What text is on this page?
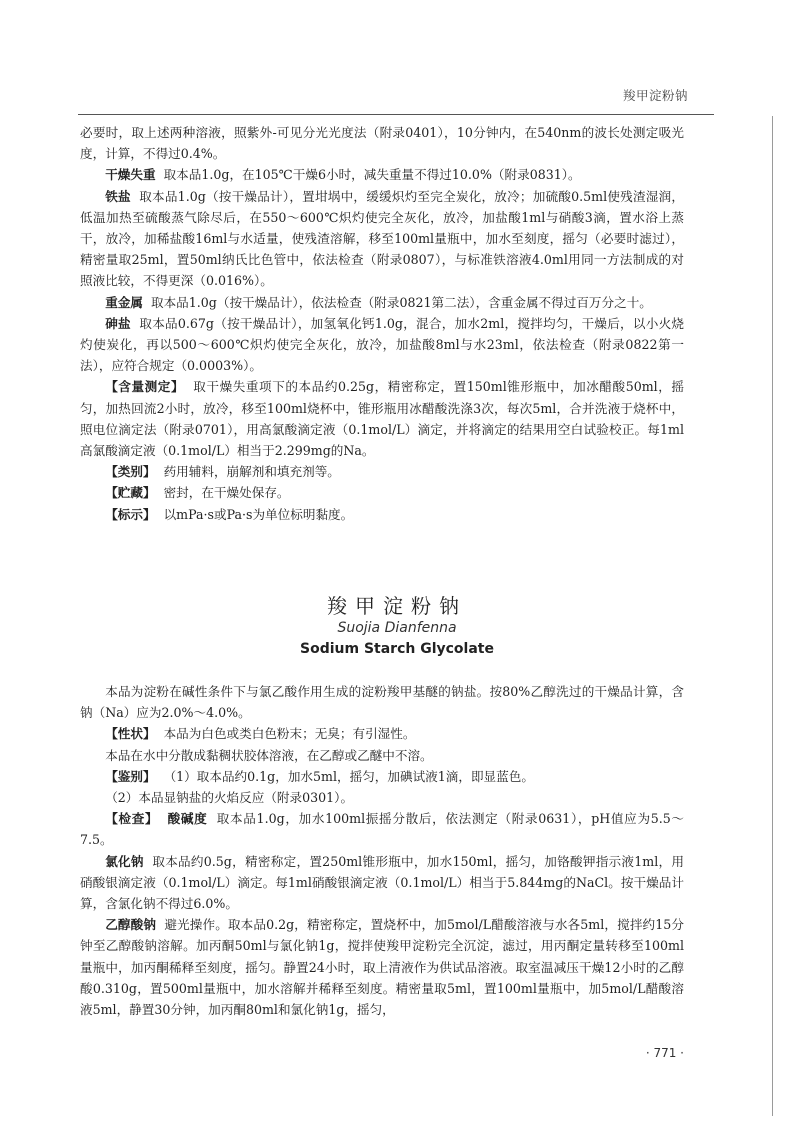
羧甲淀粉钠

必要时，取上述两种溶液，照紫外-可见分光光度法（附录0401），10分钟内，在540nm的波长处测定吸光度，计算，不得过0.4%。

干燥失重 取本品1.0g，在105℃干燥6小时，减失重量不得过10.0%（附录0831）。

铁盐 取本品1.0g（按干燥品计），置坩埚中，缓缓炽灼至完全炭化，放冷；加硫酸0.5ml使残渣湿润，低温加热至硫酸蒸气除尽后，在550～600℃炽灼使完全灰化，放冷，加盐酸1ml与硝酸3滴，置水浴上蒸干，放冷，加稀盐酸16ml与水适量，使残渣溶解，移至100ml量瓶中，加水至刻度，摇匀（必要时滤过），精密量取25ml，置50ml纳氏比色管中，依法检查（附录0807），与标准铁溶液4.0ml用同一方法制成的对照液比较，不得更深（0.016%）。

重金属 取本品1.0g（按干燥品计），依法检查（附录0821第二法），含重金属不得过百万分之十。

砷盐 取本品0.67g（按干燥品计），加氢氧化钙1.0g，混合，加水2ml，搅拌均匀，干燥后，以小火烧灼使炭化，再以500～600℃炽灼使完全灰化，放冷，加盐酸8ml与水23ml，依法检查（附录0822第一法），应符合规定（0.0003%）。

【含量测定】 取干燥失重项下的本品约0.25g，精密称定，置150ml锥形瓶中，加冰醋酸50ml，摇匀，加热回流2小时，放冷，移至100ml烧杯中，锥形瓶用冰醋酸洗涤3次，每次5ml，合并洗液于烧杯中，照电位滴定法（附录0701），用高氯酸滴定液（0.1mol/L）滴定，并将滴定的结果用空白试验校正。每1ml高氯酸滴定液（0.1mol/L）相当于2.299mg的Na。

【类别】 药用辅料，崩解剂和填充剂等。

【贮藏】 密封，在干燥处保存。

【标示】 以mPa·s或Pa·s为单位标明黏度。

羧甲淀粉钠
Suojia Dianfenna
Sodium Starch Glycolate

本品为淀粉在碱性条件下与氯乙酸作用生成的淀粉羧甲基醚的钠盐。按80%乙醇洗过的干燥品计算，含钠（Na）应为2.0%～4.0%。

【性状】 本品为白色或类白色粉末；无臭；有引湿性。

本品在水中分散成黏稠状胶体溶液，在乙醇或乙醚中不溶。

【鉴别】 （1）取本品约0.1g，加水5ml，摇匀，加碘试液1滴，即显蓝色。

（2）本品显钠盐的火焰反应（附录0301）。

【检查】 酸碱度 取本品1.0g，加水100ml振摇分散后，依法测定（附录0631），pH值应为5.5～7.5。

氯化钠 取本品约0.5g，精密称定，置250ml锥形瓶中，加水150ml，摇匀，加铬酸钾指示液1ml，用硝酸银滴定液（0.1mol/L）滴定。每1ml硝酸银滴定液（0.1mol/L）相当于5.844mg的NaCl。按干燥品计算，含氯化钠不得过6.0%。

乙醇酸钠 避光操作。取本品0.2g，精密称定，置烧杯中，加5mol/L醋酸溶液与水各5ml，搅拌约15分钟至乙醇酸钠溶解。加丙酮50ml与氯化钠1g，搅拌使羧甲淀粉完全沉淀，滤过，用丙酮定量转移至100ml量瓶中，加丙酮稀释至刻度，摇匀。静置24小时，取上清液作为供试品溶液。取室温减压干燥12小时的乙醇酸0.310g，置500ml量瓶中，加水溶解并稀释至刻度。精密量取5ml，置100ml量瓶中，加5mol/L醋酸溶液5ml，静置30分钟，加丙酮80ml和氯化钠1g，摇匀，

· 771 ·
